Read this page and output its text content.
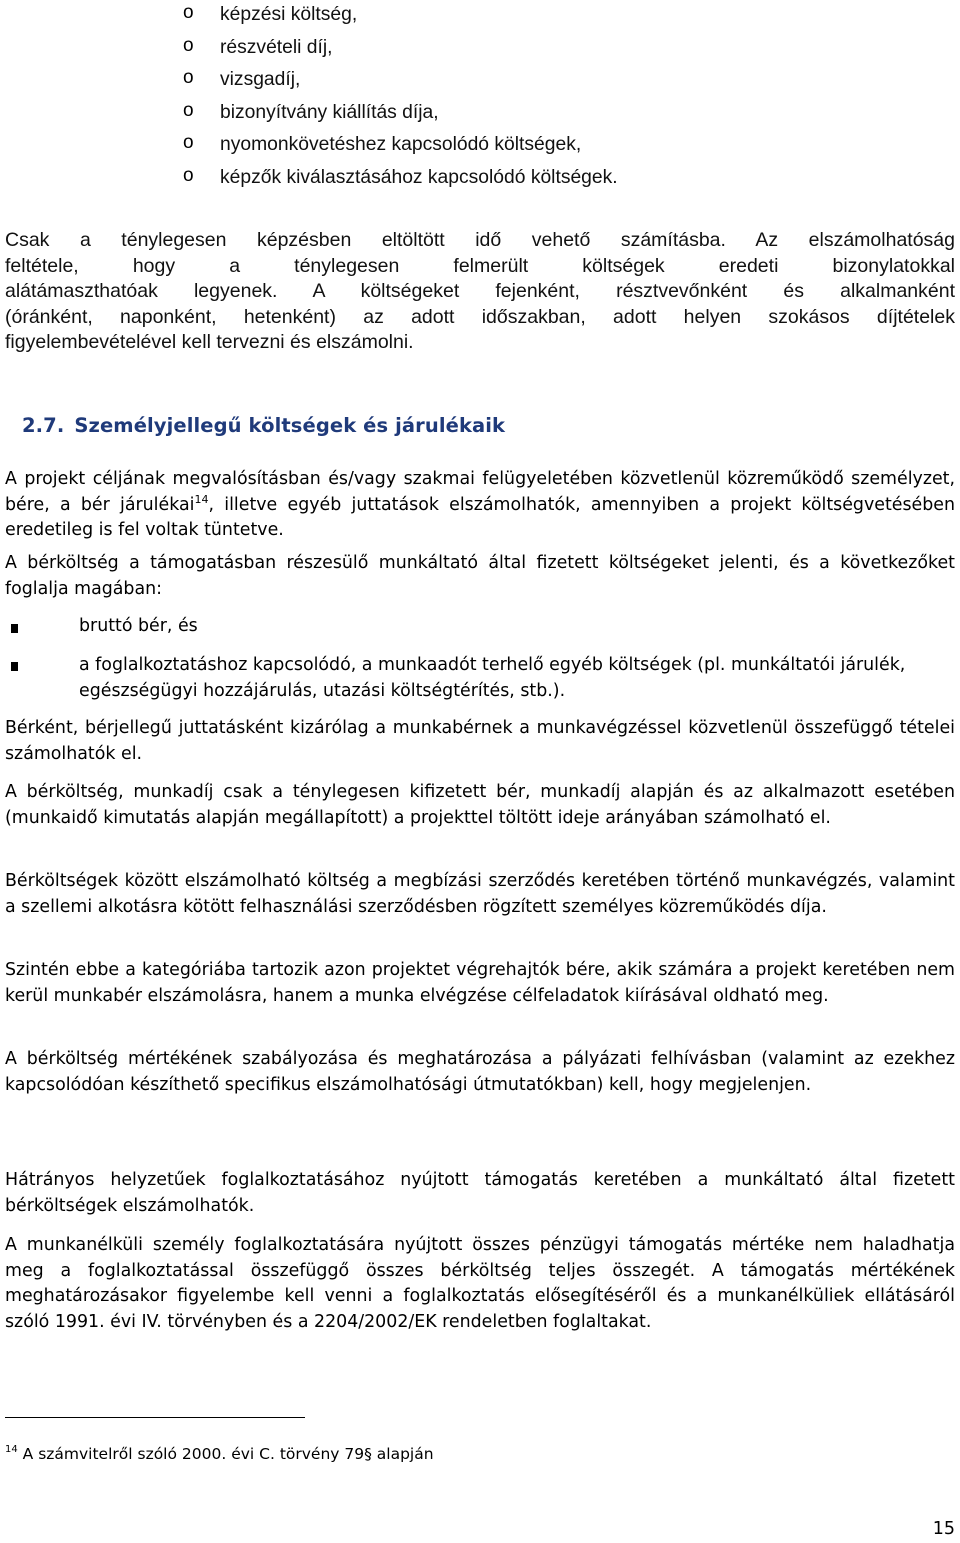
o képzési költség,
o részvételi díj,
o vizsgadíj,
o bizonyítvány kiállítás díja,
o nyomonkövetéshez kapcsolódó költségek,
o képzők kiválasztásához kapcsolódó költségek.
Csak a ténylegesen képzésben eltöltött idő vehető számításba. Az elszámolhatóság
feltétele, hogy a ténylegesen felmerült költségek eredeti bizonylatokkal
alátámaszthatóak legyenek. A költségeket fejenként, résztvevőnként és alkalmanként
(óránként, naponként, hetenként) az adott időszakban, adott helyen szokásos díjtételek
figyelembevételével kell tervezni és elszámolni.
2.7. Személyjellegű költségek és járulékaik

A projekt céljának megvalósításban és/vagy szakmai felügyeletében közvetlenül közreműködő személyzet, bére, a bér járulékai$^{14}$, illetve egyéb juttatások elszámolhatók, amennyiben a projekt költségvetésében eredetileg is fel voltak tüntetve.

A bérköltség a támogatásban részesülő munkáltató által fizetett költségeket jelenti, és a következőket foglalja magában:

bruttó bér, és
a foglalkoztatáshoz kapcsolódó, a munkaadót terhelő egyéb költségek (pl. munkáltatói járulék, egészségügyi hozzájárulás, utazási költségtérítés, stb.).

Bérként, bérjellegű juttatásként kizárólag a munkabérnek a munkavégzéssel közvetlenül összefüggő tételei számolhatók el.

A bérköltség, munkadíj csak a ténylegesen kifizetett bér, munkadíj alapján és az alkalmazott esetében (munkaidő kimutatás alapján megállapított) a projekttel töltött ideje arányában számolható el.

Bérköltségek között elszámolható költség a megbízási szerződés keretében történő munkavégzés, valamint a szellemi alkotásra kötött felhasználási szerződésben rögzített személyes közreműködés díja.

Szintén ebbe a kategóriába tartozik azon projektet végrehajtók bére, akik számára a projekt keretében nem kerül munkabér elszámolásra, hanem a munka elvégzése célfeladatok kiírásával oldható meg.

A bérköltség mértékének szabályozása és meghatározása a pályázati felhívásban (valamint az ezekhez kapcsolódóan készíthető specifikus elszámolhatósági útmutatókban) kell, hogy megjelenjen.

Hátrányos helyzetűek foglalkoztatásához nyújtott támogatás keretében a munkáltató által fizetett bérköltségek elszámolhatók.

A munkanélküli személy foglalkoztatására nyújtott összes pénzügyi támogatás mértéke nem haladhatja meg a foglalkoztatással összefüggő összes bérköltség teljes összegét. A támogatás mértékének meghatározásakor figyelembe kell venni a foglalkoztatás elősegítéséről és a munkanélküliek ellátásáról szóló 1991. évi IV. törvényben és a 2204/2002/EK rendeletben foglaltakat.

$^{14}$ A számvitelről szóló 2000. évi C. törvény 79§ alapján
15
